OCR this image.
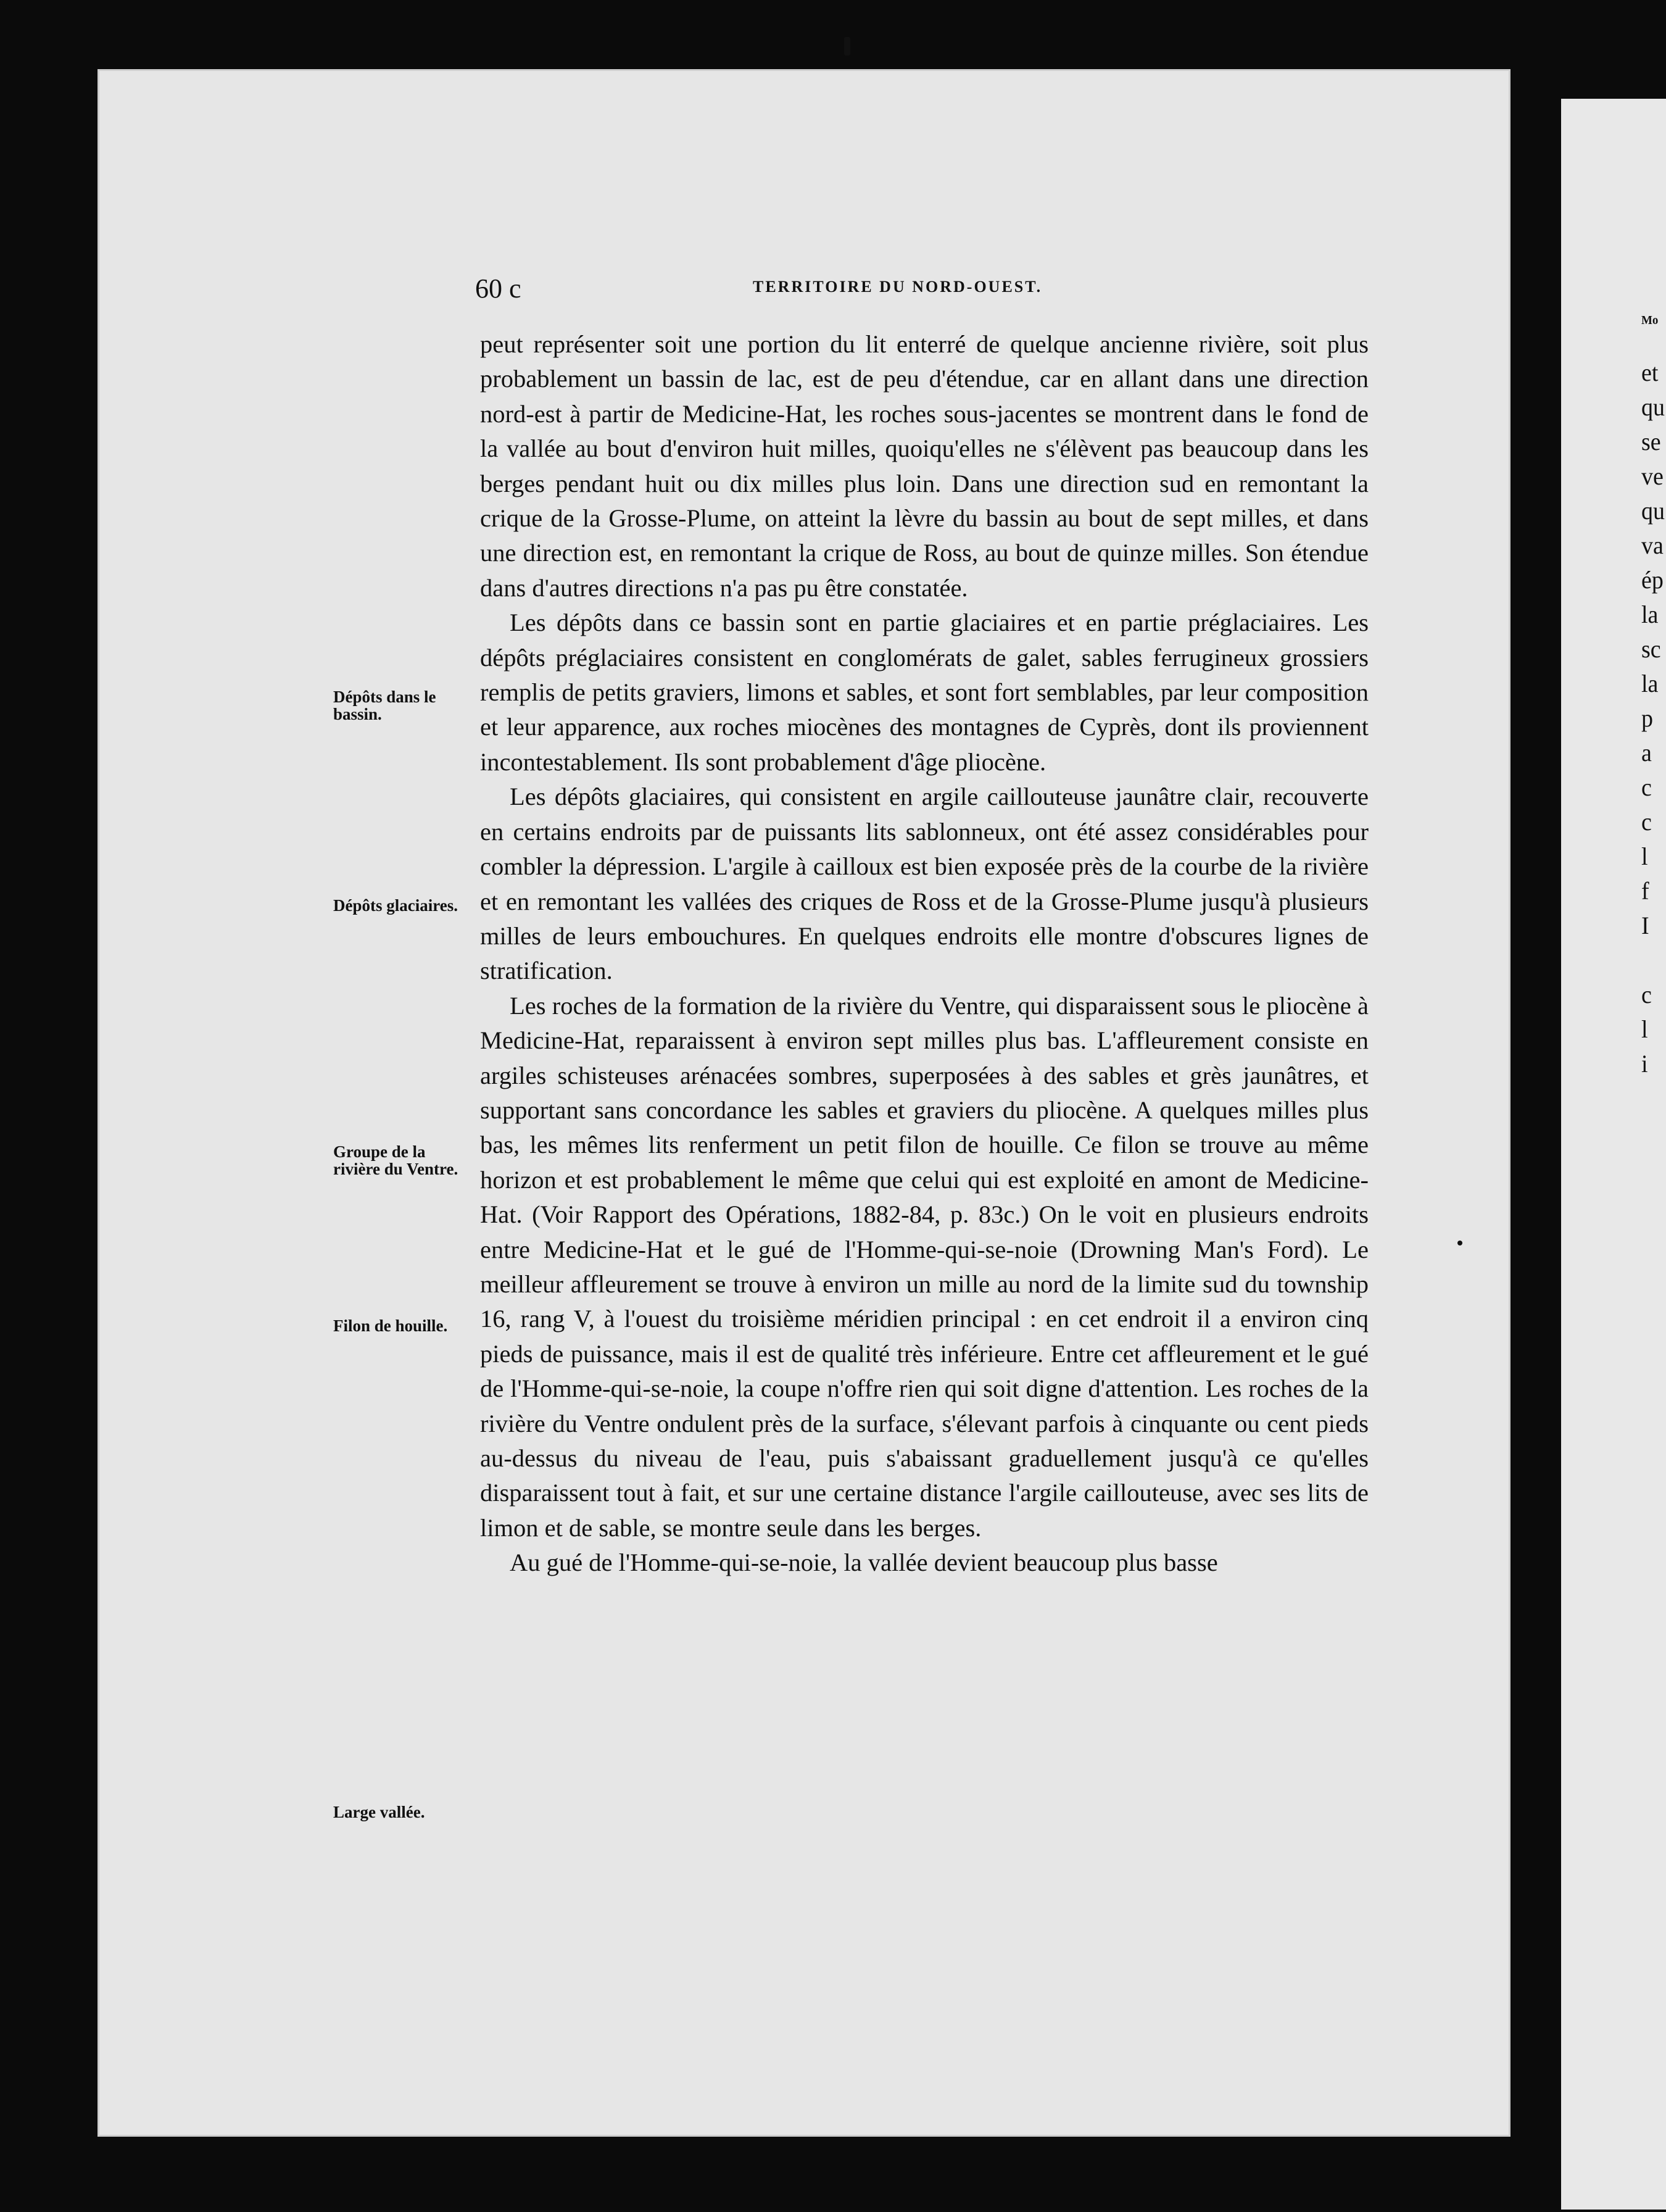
Mo
et
qu
se
ve
qu
va
ép
la
sc
la
p
a
c
c
l
f
I
c
l
i
60 c	TERRITOIRE DU NORD-OUEST.
Dépôts dans le bassin.
Dépôts glaciaires.
Groupe de la rivière du Ventre.
Filon de houille.
Large vallée.

peut représenter soit une portion du lit enterré de quelque ancienne rivière, soit plus probablement un bassin de lac, est de peu d'étendue, car en allant dans une direction nord-est à partir de Medicine-Hat, les roches sous-jacentes se montrent dans le fond de la vallée au bout d'environ huit milles, quoiqu'elles ne s'élèvent pas beaucoup dans les berges pendant huit ou dix milles plus loin. Dans une direction sud en remontant la crique de la Grosse-Plume, on atteint la lèvre du bassin au bout de sept milles, et dans une direction est, en remontant la crique de Ross, au bout de quinze milles. Son étendue dans d'autres directions n'a pas pu être constatée.

Les dépôts dans ce bassin sont en partie glaciaires et en partie préglaciaires. Les dépôts préglaciaires consistent en conglomérats de galet, sables ferrugineux grossiers remplis de petits graviers, limons et sables, et sont fort semblables, par leur composition et leur apparence, aux roches miocènes des montagnes de Cyprès, dont ils proviennent incontestablement. Ils sont probablement d'âge pliocène.

Les dépôts glaciaires, qui consistent en argile caillouteuse jaunâtre clair, recouverte en certains endroits par de puissants lits sablonneux, ont été assez considérables pour combler la dépression. L'argile à cailloux est bien exposée près de la courbe de la rivière et en remontant les vallées des criques de Ross et de la Grosse-Plume jusqu'à plusieurs milles de leurs embouchures. En quelques endroits elle montre d'obscures lignes de stratification.

Les roches de la formation de la rivière du Ventre, qui disparaissent sous le pliocène à Medicine-Hat, reparaissent à environ sept milles plus bas. L'affleurement consiste en argiles schisteuses arénacées sombres, superposées à des sables et grès jaunâtres, et supportant sans concordance les sables et graviers du pliocène. A quelques milles plus bas, les mêmes lits renferment un petit filon de houille. Ce filon se trouve au même horizon et est probablement le même que celui qui est exploité en amont de Medicine-Hat. (Voir Rapport des Opérations, 1882-84, p. 83c.) On le voit en plusieurs endroits entre Medicine-Hat et le gué de l'Homme-qui-se-noie (Drowning Man's Ford). Le meilleur affleurement se trouve à environ un mille au nord de la limite sud du township 16, rang V, à l'ouest du troisième méridien principal : en cet endroit il a environ cinq pieds de puissance, mais il est de qualité très inférieure. Entre cet affleurement et le gué de l'Homme-qui-se-noie, la coupe n'offre rien qui soit digne d'attention. Les roches de la rivière du Ventre ondulent près de la surface, s'élevant parfois à cinquante ou cent pieds au-dessus du niveau de l'eau, puis s'abaissant graduellement jusqu'à ce qu'elles disparaissent tout à fait, et sur une certaine distance l'argile caillouteuse, avec ses lits de limon et de sable, se montre seule dans les berges.

Au gué de l'Homme-qui-se-noie, la vallée devient beaucoup plus basse
